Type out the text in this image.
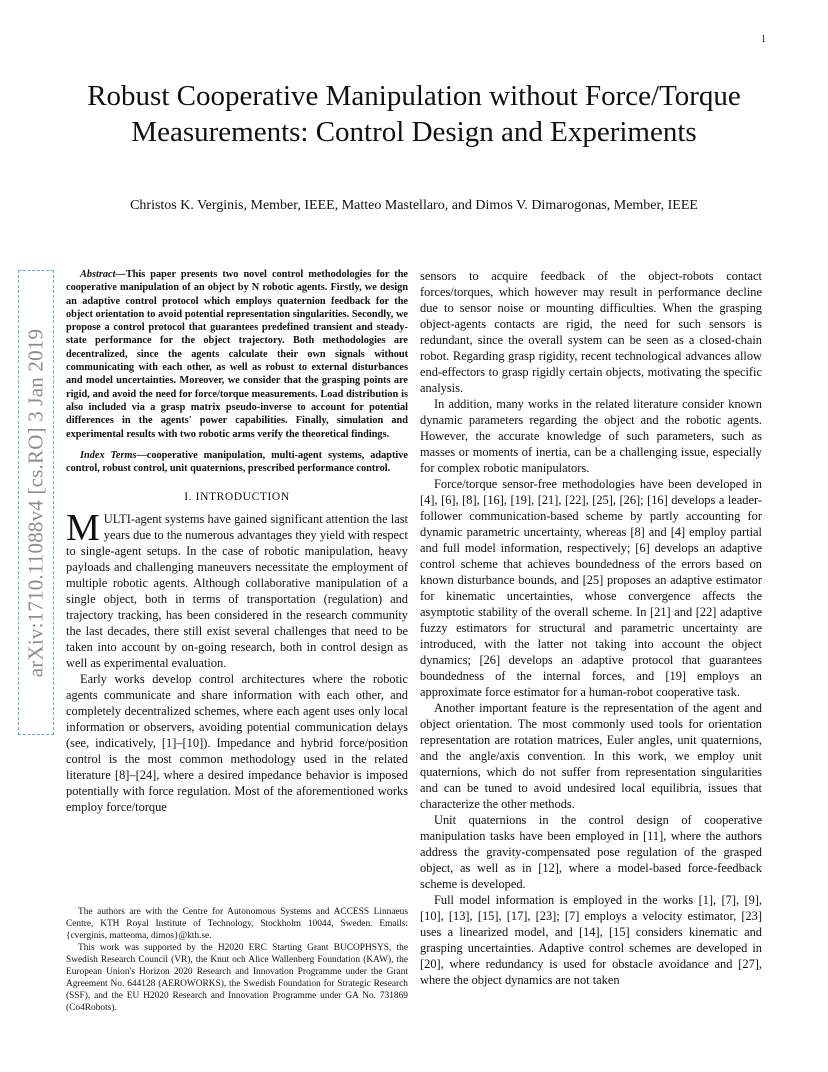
1
Robust Cooperative Manipulation without Force/Torque Measurements: Control Design and Experiments
Christos K. Verginis, Member, IEEE, Matteo Mastellaro, and Dimos V. Dimarogonas, Member, IEEE
arXiv:1710.11088v4 [cs.RO] 3 Jan 2019

Abstract—This paper presents two novel control methodologies for the cooperative manipulation of an object by N robotic agents. Firstly, we design an adaptive control protocol which employs quaternion feedback for the object orientation to avoid potential representation singularities. Secondly, we propose a control protocol that guarantees predefined transient and steady-state performance for the object trajectory. Both methodologies are decentralized, since the agents calculate their own signals without communicating with each other, as well as robust to external disturbances and model uncertainties. Moreover, we consider that the grasping points are rigid, and avoid the need for force/torque measurements. Load distribution is also included via a grasp matrix pseudo-inverse to account for potential differences in the agents' power capabilities. Finally, simulation and experimental results with two robotic arms verify the theoretical findings.

Index Terms—cooperative manipulation, multi-agent systems, adaptive control, robust control, unit quaternions, prescribed performance control.

I. INTRODUCTION

MULTI-agent systems have gained significant attention the last years due to the numerous advantages they yield with respect to single-agent setups. In the case of robotic manipulation, heavy payloads and challenging maneuvers necessitate the employment of multiple robotic agents. Although collaborative manipulation of a single object, both in terms of transportation (regulation) and trajectory tracking, has been considered in the research community the last decades, there still exist several challenges that need to be taken into account by on-going research, both in control design as well as experimental evaluation.

Early works develop control architectures where the robotic agents communicate and share information with each other, and completely decentralized schemes, where each agent uses only local information or observers, avoiding potential communication delays (see, indicatively, [1]–[10]). Impedance and hybrid force/position control is the most common methodology used in the related literature [8]–[24], where a desired impedance behavior is imposed potentially with force regulation. Most of the aforementioned works employ force/torque

sensors to acquire feedback of the object-robots contact forces/torques, which however may result in performance decline due to sensor noise or mounting difficulties. When the grasping object-agents contacts are rigid, the need for such sensors is redundant, since the overall system can be seen as a closed-chain robot. Regarding grasp rigidity, recent technological advances allow end-effectors to grasp rigidly certain objects, motivating the specific analysis.

In addition, many works in the related literature consider known dynamic parameters regarding the object and the robotic agents. However, the accurate knowledge of such parameters, such as masses or moments of inertia, can be a challenging issue, especially for complex robotic manipulators.

Force/torque sensor-free methodologies have been developed in [4], [6], [8], [16], [19], [21], [22], [25], [26]; [16] develops a leader-follower communication-based scheme by partly accounting for dynamic parametric uncertainty, whereas [8] and [4] employ partial and full model information, respectively; [6] develops an adaptive control scheme that achieves boundedness of the errors based on known disturbance bounds, and [25] proposes an adaptive estimator for kinematic uncertainties, whose convergence affects the asymptotic stability of the overall scheme. In [21] and [22] adaptive fuzzy estimators for structural and parametric uncertainty are introduced, with the latter not taking into account the object dynamics; [26] develops an adaptive protocol that guarantees boundedness of the internal forces, and [19] employs an approximate force estimator for a human-robot cooperative task.

Another important feature is the representation of the agent and object orientation. The most commonly used tools for orientation representation are rotation matrices, Euler angles, unit quaternions, and the angle/axis convention. In this work, we employ unit quaternions, which do not suffer from representation singularities and can be tuned to avoid undesired local equilibria, issues that characterize the other methods.

Unit quaternions in the control design of cooperative manipulation tasks have been employed in [11], where the authors address the gravity-compensated pose regulation of the grasped object, as well as in [12], where a model-based force-feedback scheme is developed.

Full model information is employed in the works [1], [7], [9], [10], [13], [15], [17], [23]; [7] employs a velocity estimator, [23] uses a linearized model, and [14], [15] considers kinematic and grasping uncertainties. Adaptive control schemes are developed in [20], where redundancy is used for obstacle avoidance and [27], where the object dynamics are not taken

The authors are with the Centre for Autonomous Systems and ACCESS Linnaeus Centre, KTH Royal Institute of Technology, Stockholm 10044, Sweden. Emails: {cverginis, matteoma, dimos}@kth.se.

This work was supported by the H2020 ERC Starting Grant BUCOPHSYS, the Swedish Research Council (VR), the Knut och Alice Wallenberg Foundation (KAW), the European Union's Horizon 2020 Research and Innovation Programme under the Grant Agreement No. 644128 (AEROWORKS), the Swedish Foundation for Strategic Research (SSF), and the EU H2020 Research and Innovation Programme under GA No. 731869 (Co4Robots).
